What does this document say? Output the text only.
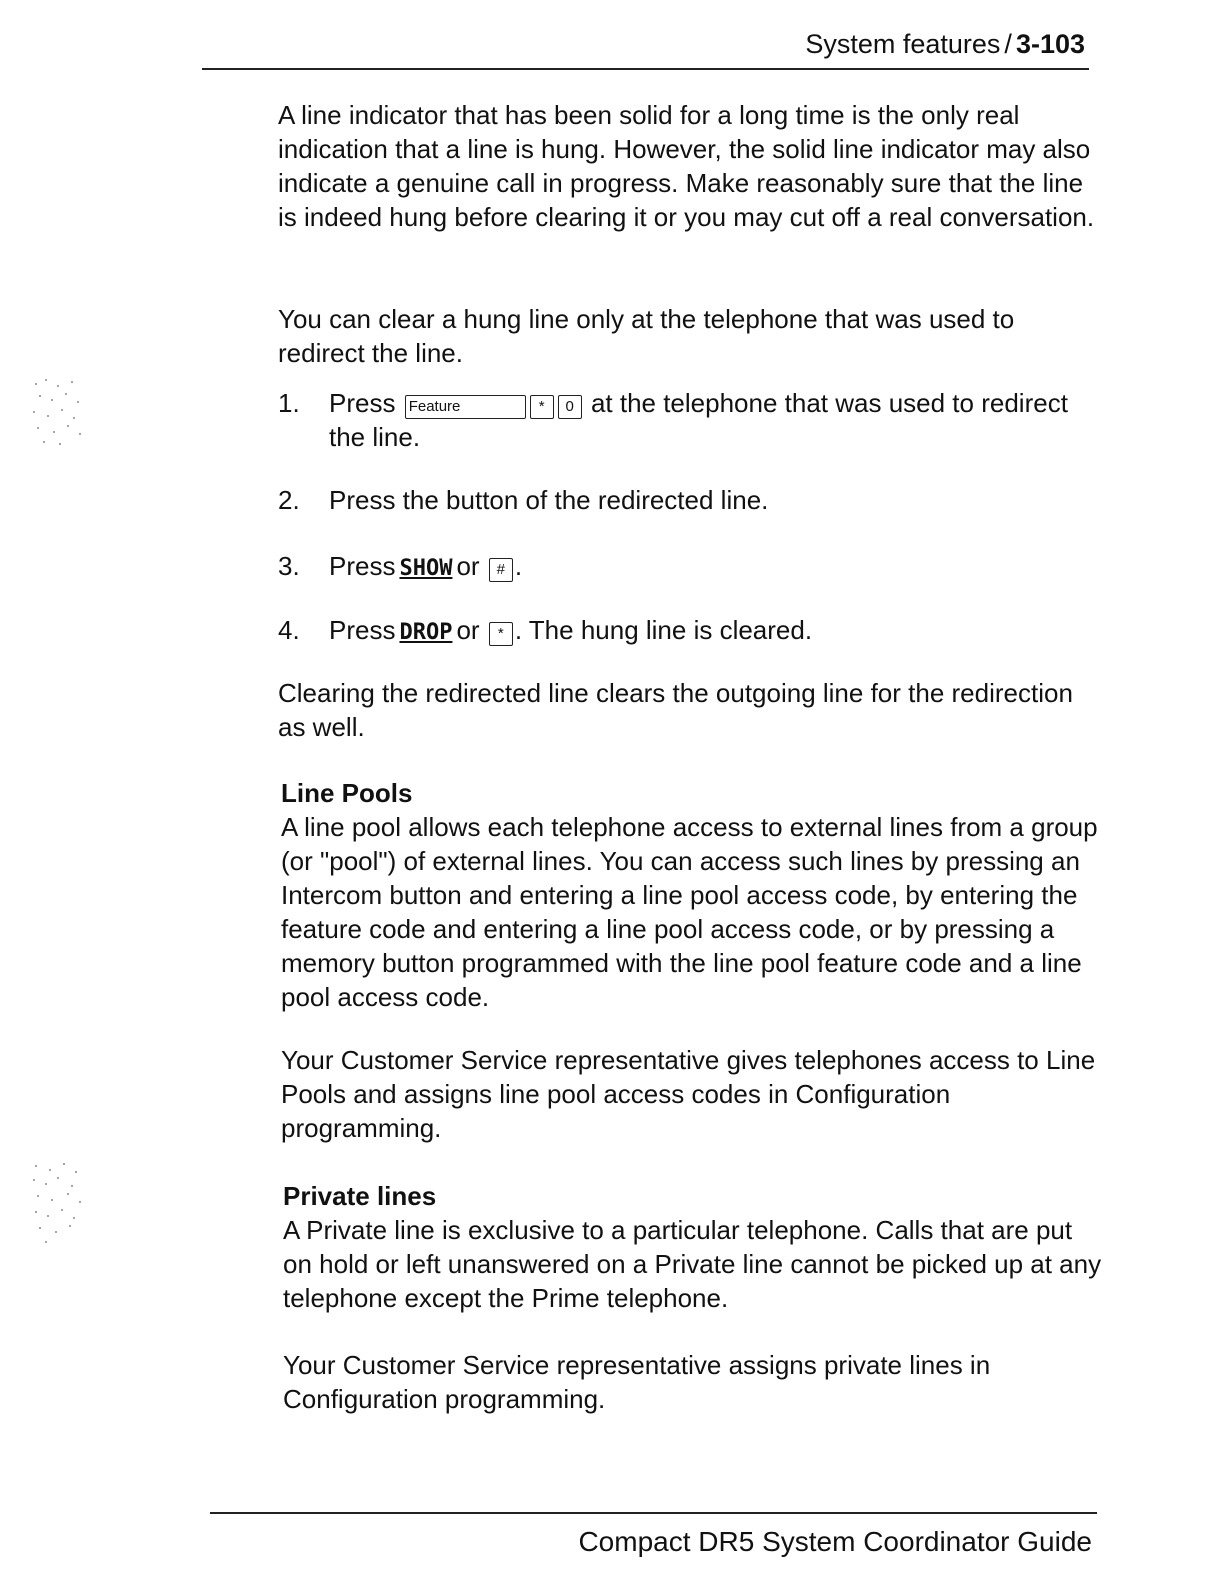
System features / 3-103

A line indicator that has been solid for a long time is the only real indication that a line is hung. However, the solid line indicator may also indicate a genuine call in progress. Make reasonably sure that the line is indeed hung before clearing it or you may cut off a real conversation.

You can clear a hung line only at the telephone that was used to redirect the line.

1. Press Feature	* 0 at the telephone that was used to redirect the line.
2. Press the button of the redirected line.
3. Press SHOW or # .
4. Press DROP or * . The hung line is cleared.

Clearing the redirected line clears the outgoing line for the redirection as well.

Line Pools

A line pool allows each telephone access to external lines from a group (or "pool") of external lines. You can access such lines by pressing an Intercom button and entering a line pool access code, by entering the feature code and entering a line pool access code, or by pressing a memory button programmed with the line pool feature code and a line pool access code.

Your Customer Service representative gives telephones access to Line Pools and assigns line pool access codes in Configuration programming.

Private lines

A Private line is exclusive to a particular telephone. Calls that are put on hold or left unanswered on a Private line cannot be picked up at any telephone except the Prime telephone.

Your Customer Service representative assigns private lines in Configuration programming.

Compact DR5 System Coordinator Guide
